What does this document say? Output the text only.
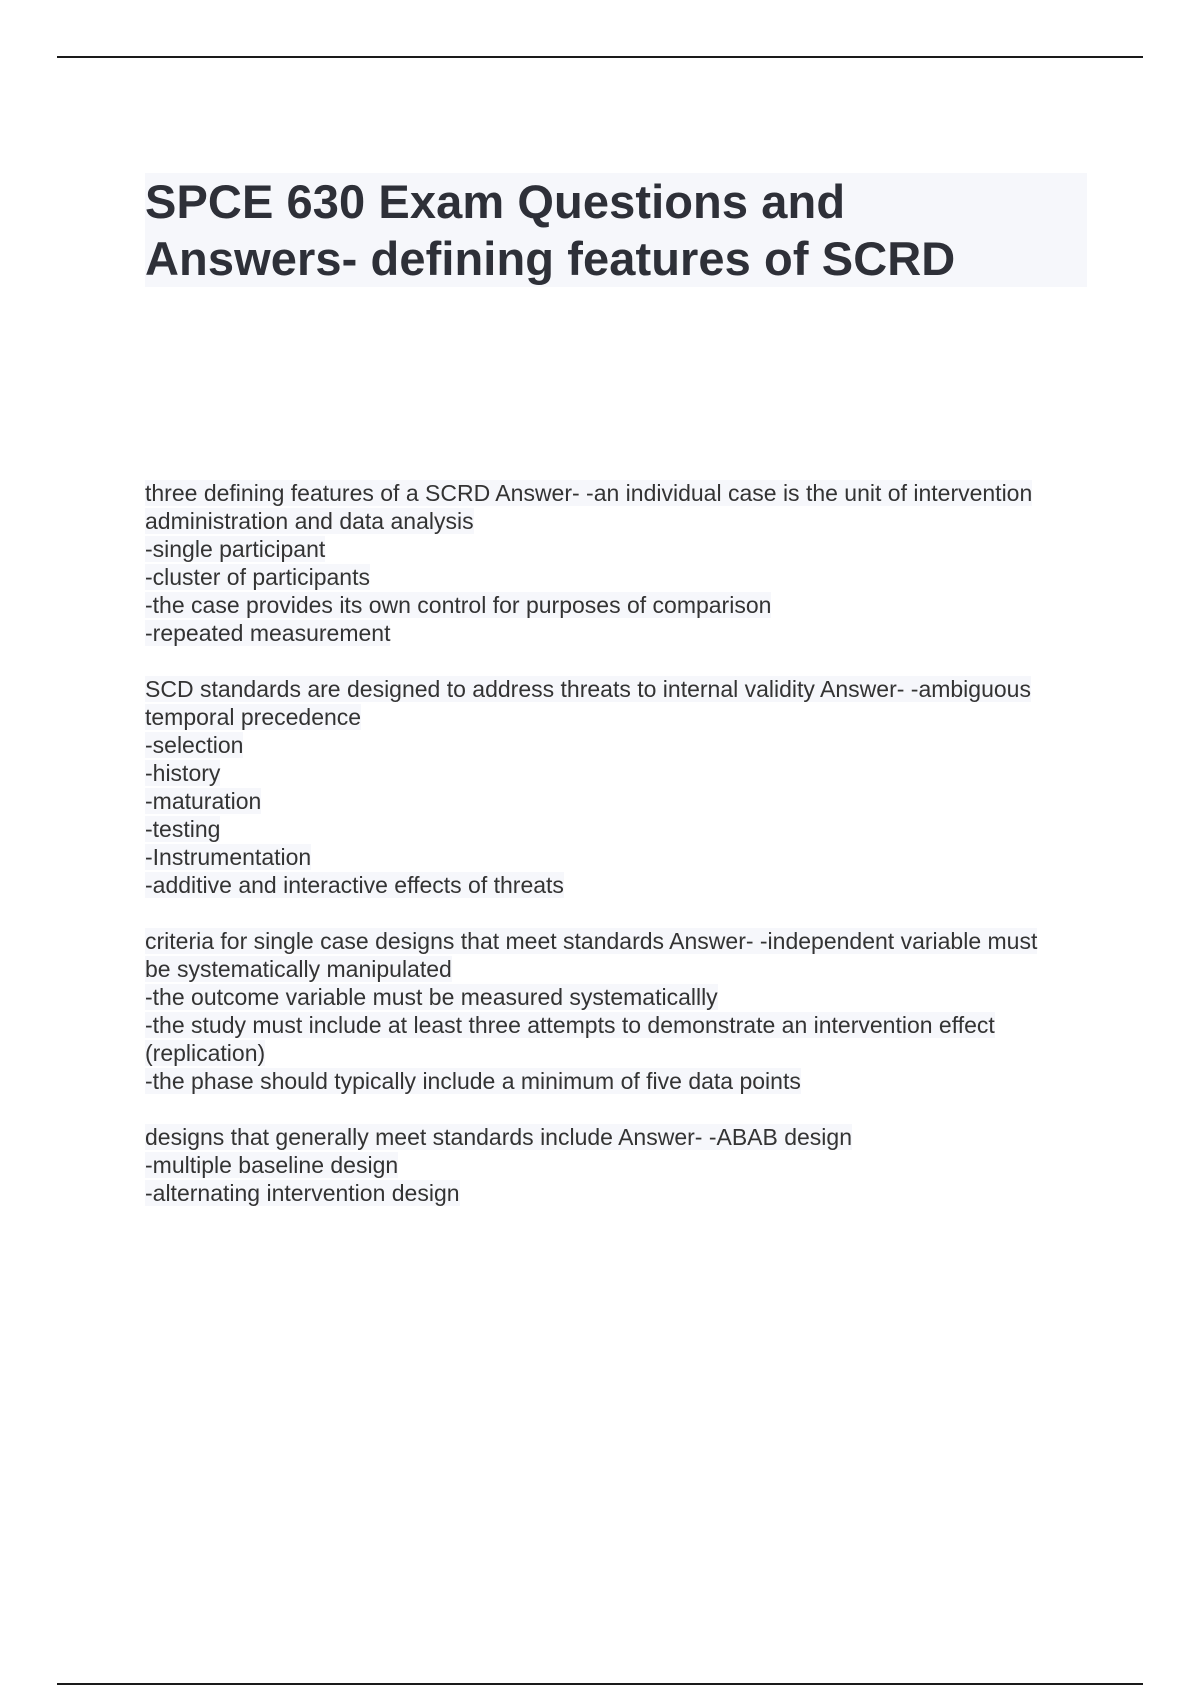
SPCE 630 Exam Questions and
Answers- defining features of SCRD
three defining features of a SCRD Answer- -an individual case is the unit of intervention
administration and data analysis
-single participant
-cluster of participants
-the case provides its own control for purposes of comparison
-repeated measurement
SCD standards are designed to address threats to internal validity Answer- -ambiguous
temporal precedence
-selection
-history
-maturation
-testing
-Instrumentation
-additive and interactive effects of threats
criteria for single case designs that meet standards Answer- -independent variable must
be systematically manipulated
-the outcome variable must be measured systematicallly
-the study must include at least three attempts to demonstrate an intervention effect
(replication)
-the phase should typically include a minimum of five data points
designs that generally meet standards include Answer- -ABAB design
-multiple baseline design
-alternating intervention design
